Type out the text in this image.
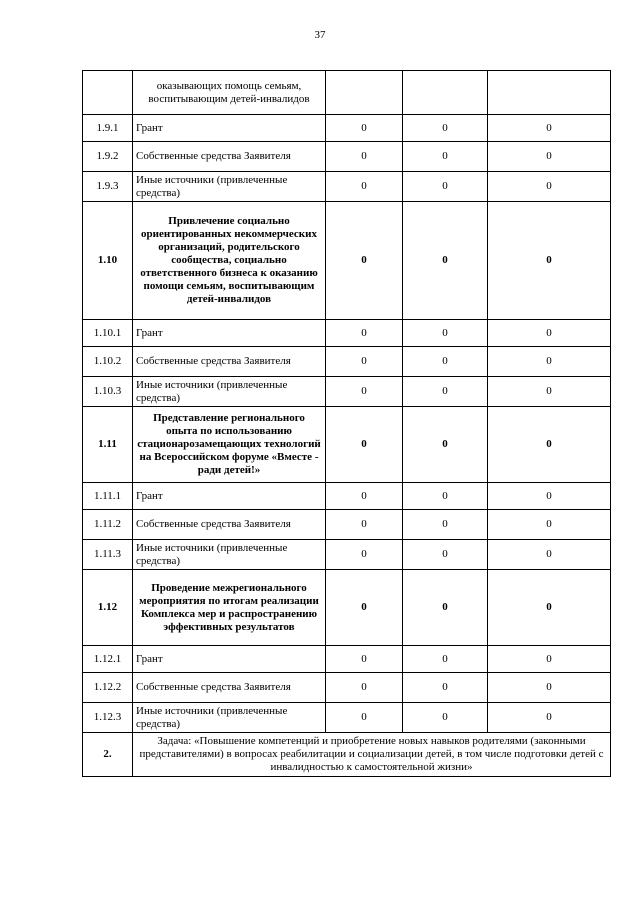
37
	оказывающих помощь семьям, воспитывающим детей-инвалидов			
1.9.1	Грант	0	0	0
1.9.2	Собственные средства Заявителя	0	0	0
1.9.3	Иные источники (привлеченные средства)	0	0	0
1.10	Привлечение социально ориентированных некоммерческих организаций, родительского сообщества, социально ответственного бизнеса к оказанию помощи семьям, воспитывающим детей-инвалидов	0	0	0
1.10.1	Грант	0	0	0
1.10.2	Собственные средства Заявителя	0	0	0
1.10.3	Иные источники (привлеченные средства)	0	0	0
1.11	Представление регионального опыта по использованию стационарозамещающих технологий на Всероссийском форуме «Вместе - ради детей!»	0	0	0
1.11.1	Грант	0	0	0
1.11.2	Собственные средства Заявителя	0	0	0
1.11.3	Иные источники (привлеченные средства)	0	0	0
1.12	Проведение межрегионального мероприятия по итогам реализации Комплекса мер и распространению эффективных результатов	0	0	0
1.12.1	Грант	0	0	0
1.12.2	Собственные средства Заявителя	0	0	0
1.12.3	Иные источники (привлеченные средства)	0	0	0
2.	Задача: «Повышение компетенций и приобретение новых навыков родителями (законными представителями) в вопросах реабилитации и социализации детей, в том числе подготовки детей с инвалидностью к самостоятельной жизни»			
